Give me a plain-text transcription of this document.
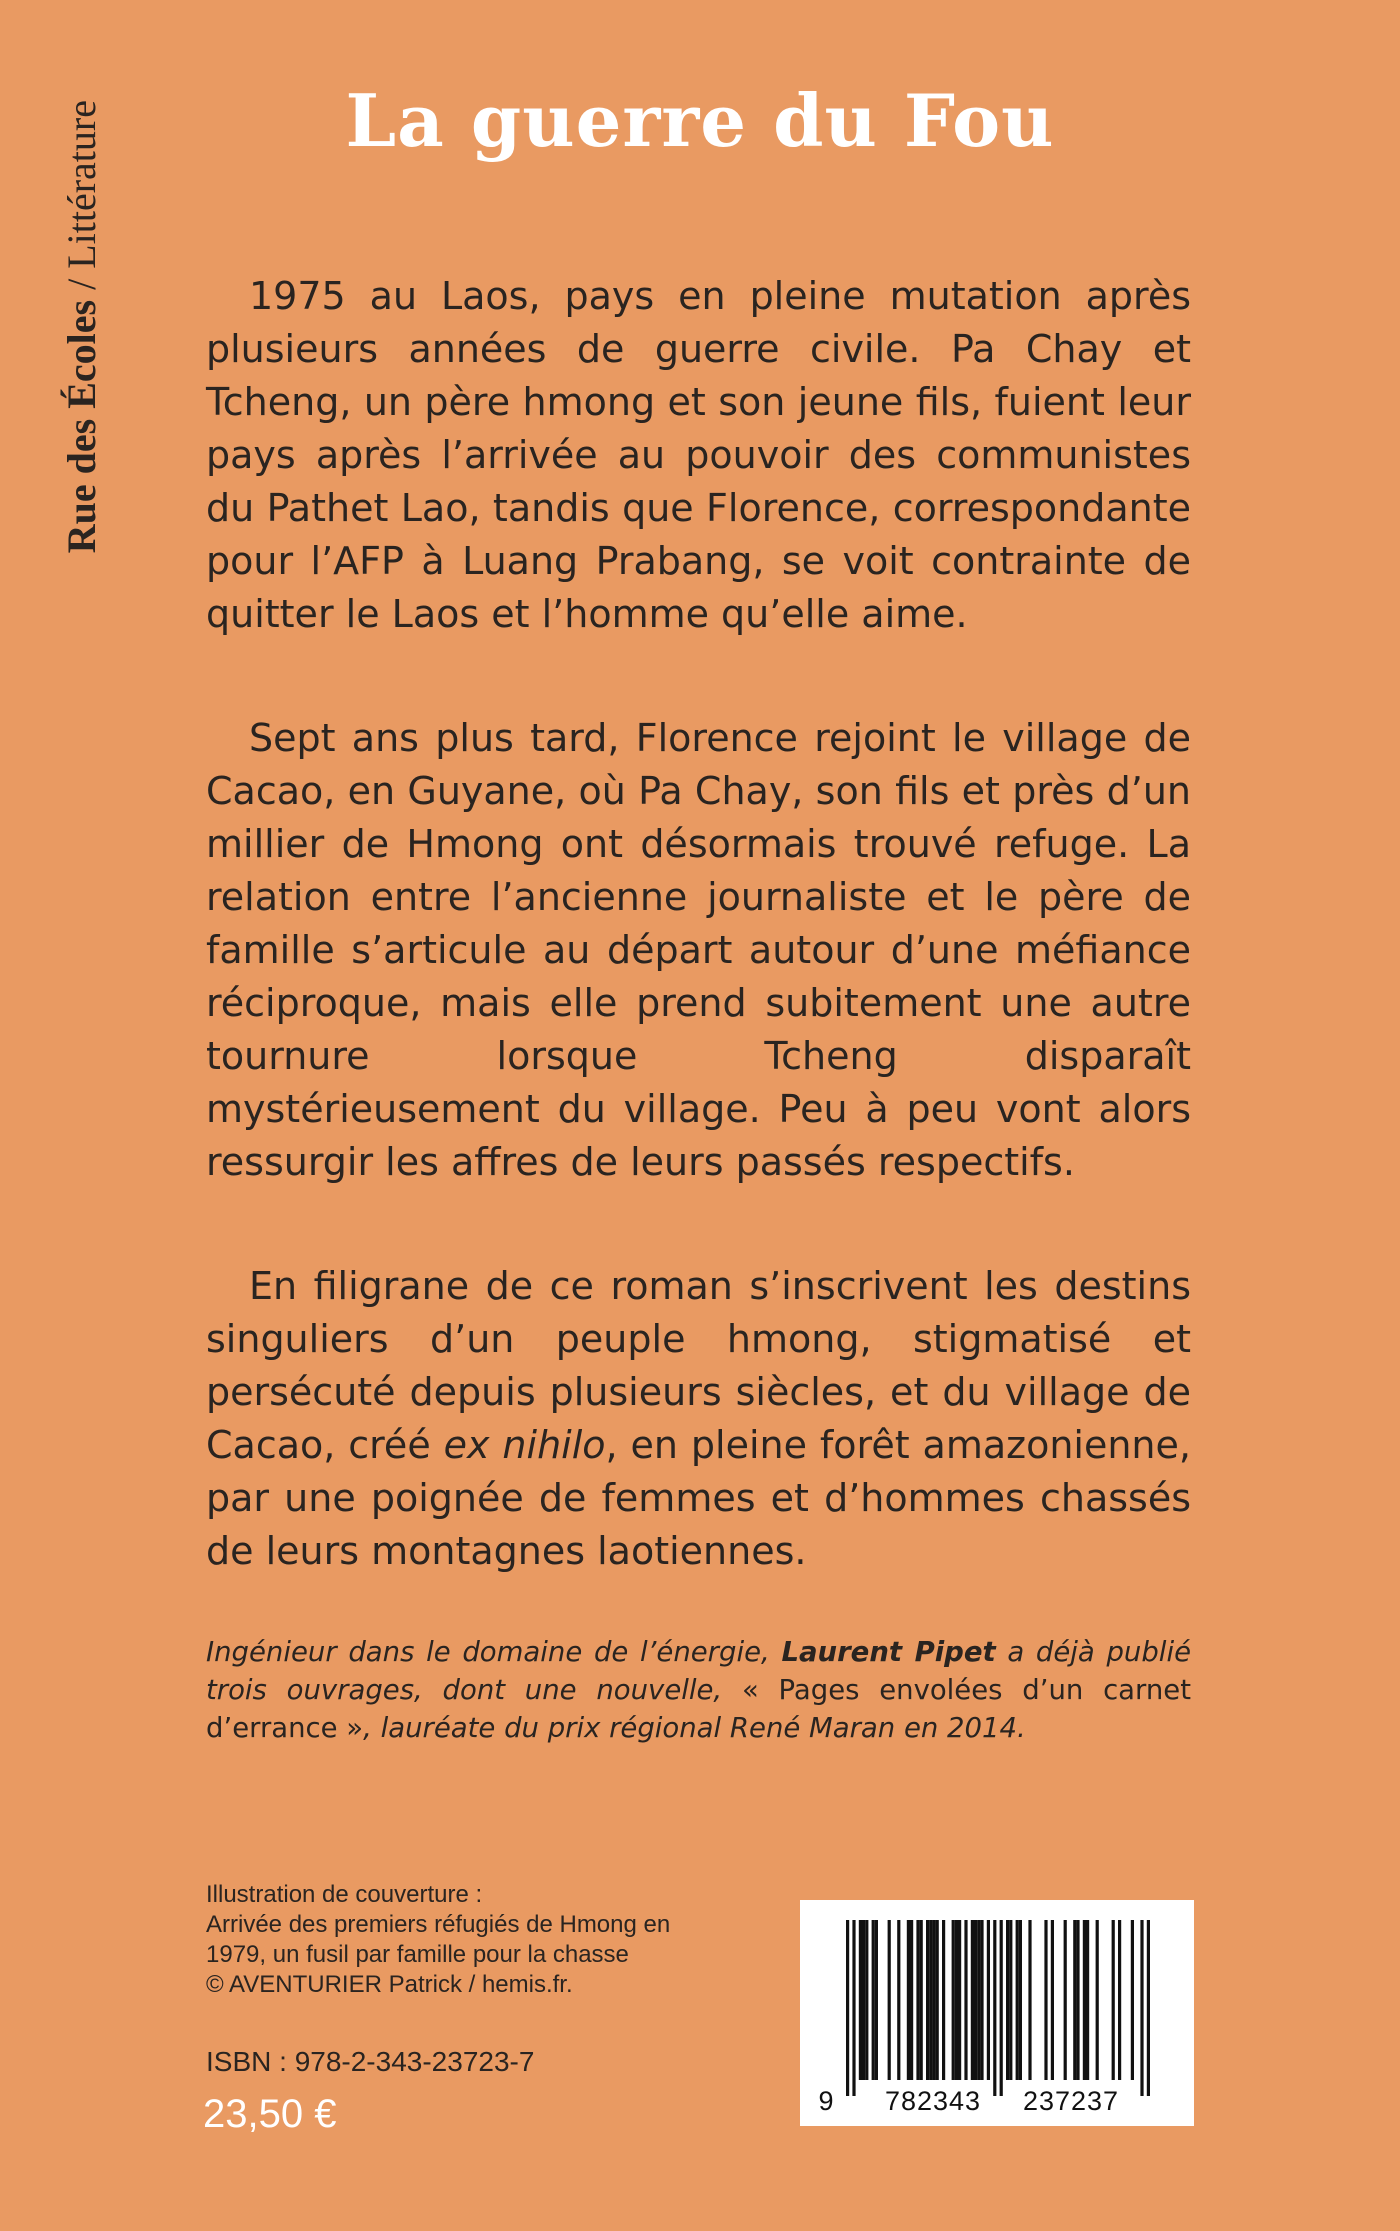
Rue des Écoles / Littérature	La guerre du Fou

1975 au Laos, pays en pleine mutation après plusieurs années de guerre civile. Pa Chay et Tcheng, un père hmong et son jeune fils, fuient leur pays après l’arrivée au pouvoir des communistes du Pathet Lao, tandis que Florence, correspondante pour l’AFP à Luang Prabang, se voit contrainte de quitter le Laos et l’homme qu’elle aime.

Sept ans plus tard, Florence rejoint le village de Cacao, en Guyane, où Pa Chay, son fils et près d’un millier de Hmong ont désormais trouvé refuge. La relation entre l’ancienne journaliste et le père de famille s’articule au départ autour d’une méfiance réciproque, mais elle prend subitement une autre tournure lorsque Tcheng disparaît mystérieusement du village. Peu à peu vont alors ressurgir les affres de leurs passés respectifs.

En filigrane de ce roman s’inscrivent les destins singuliers d’un peuple hmong, stigmatisé et persécuté depuis plusieurs siècles, et du village de Cacao, créé ex nihilo, en pleine forêt amazonienne, par une poignée de femmes et d’hommes chassés de leurs montagnes laotiennes.

Ingénieur dans le domaine de l’énergie, Laurent Pipet a déjà publié trois ouvrages, dont une nouvelle, « Pages envolées d’un carnet d’errance », lauréate du prix régional René Maran en 2014.
Illustration de couverture :
Arrivée des premiers réfugiés de Hmong en
1979, un fusil par famille pour la chasse
© AVENTURIER Patrick / hemis.fr.
ISBN : 978-2-343-23723-7
23,50 €	9 782343 237237
